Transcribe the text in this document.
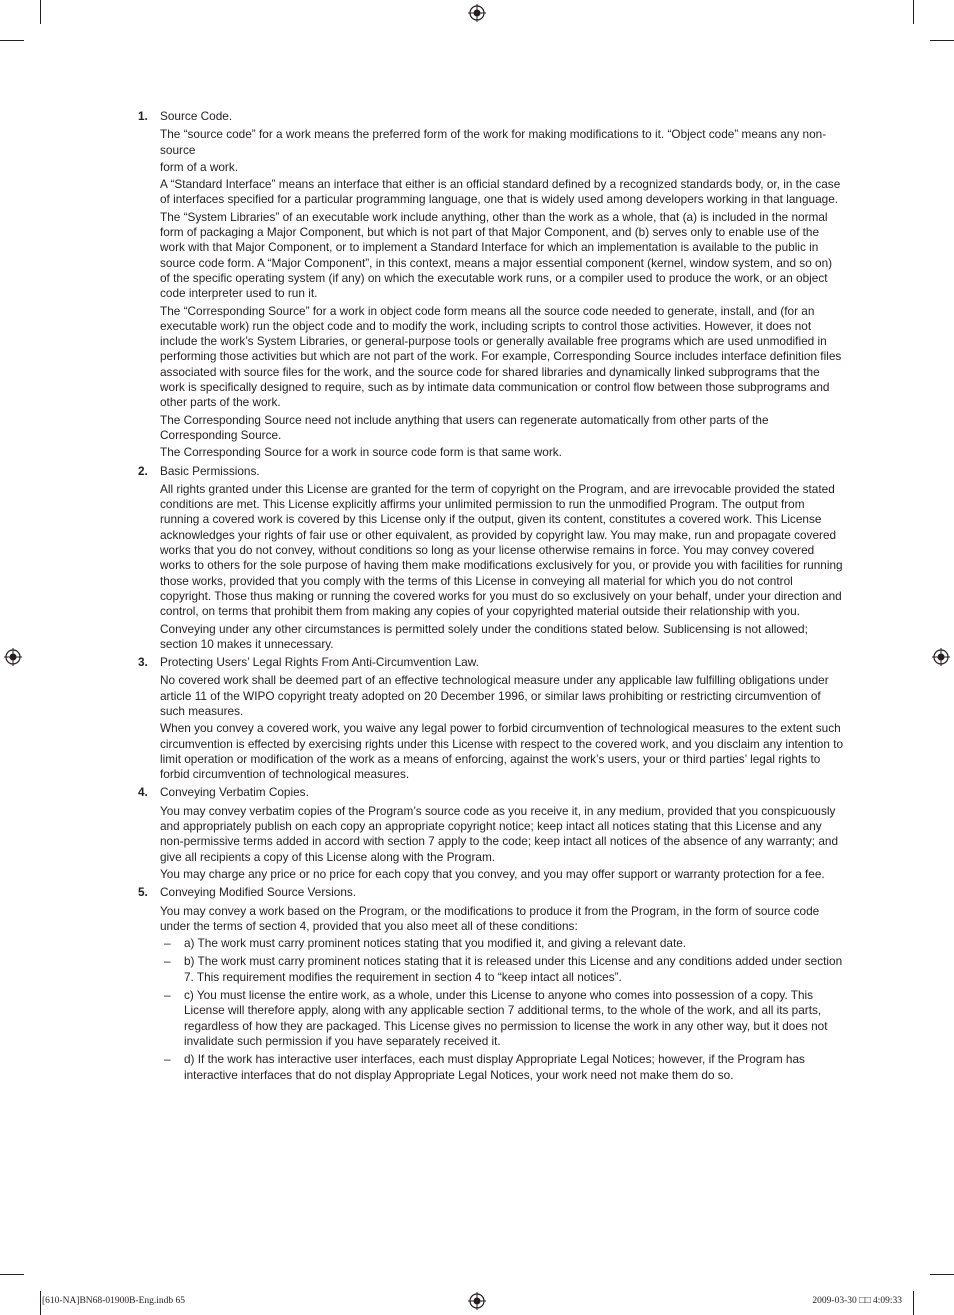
1. Source Code.

The “source code” for a work means the preferred form of the work for making modifications to it. “Object code” means any non-source

form of a work.

A “Standard Interface” means an interface that either is an official standard defined by a recognized standards body, or, in the case of interfaces specified for a particular programming language, one that is widely used among developers working in that language.

The “System Libraries” of an executable work include anything, other than the work as a whole, that (a) is included in the normal form of packaging a Major Component, but which is not part of that Major Component, and (b) serves only to enable use of the work with that Major Component, or to implement a Standard Interface for which an implementation is available to the public in source code form. A “Major Component”, in this context, means a major essential component (kernel, window system, and so on) of the specific operating system (if any) on which the executable work runs, or a compiler used to produce the work, or an object code interpreter used to run it.

The “Corresponding Source” for a work in object code form means all the source code needed to generate, install, and (for an executable work) run the object code and to modify the work, including scripts to control those activities. However, it does not include the work’s System Libraries, or general-purpose tools or generally available free programs which are used unmodified in performing those activities but which are not part of the work. For example, Corresponding Source includes interface definition files associated with source files for the work, and the source code for shared libraries and dynamically linked subprograms that the work is specifically designed to require, such as by intimate data communication or control flow between those subprograms and other parts of the work.

The Corresponding Source need not include anything that users can regenerate automatically from other parts of the Corresponding Source.

The Corresponding Source for a work in source code form is that same work.

2. Basic Permissions.

All rights granted under this License are granted for the term of copyright on the Program, and are irrevocable provided the stated conditions are met. This License explicitly affirms your unlimited permission to run the unmodified Program. The output from running a covered work is covered by this License only if the output, given its content, constitutes a covered work. This License acknowledges your rights of fair use or other equivalent, as provided by copyright law. You may make, run and propagate covered works that you do not convey, without conditions so long as your license otherwise remains in force. You may convey covered works to others for the sole purpose of having them make modifications exclusively for you, or provide you with facilities for running those works, provided that you comply with the terms of this License in conveying all material for which you do not control copyright. Those thus making or running the covered works for you must do so exclusively on your behalf, under your direction and control, on terms that prohibit them from making any copies of your copyrighted material outside their relationship with you.

Conveying under any other circumstances is permitted solely under the conditions stated below. Sublicensing is not allowed; section 10 makes it unnecessary.

3. Protecting Users’ Legal Rights From Anti-Circumvention Law.

No covered work shall be deemed part of an effective technological measure under any applicable law fulfilling obligations under article 11 of the WIPO copyright treaty adopted on 20 December 1996, or similar laws prohibiting or restricting circumvention of such measures.

When you convey a covered work, you waive any legal power to forbid circumvention of technological measures to the extent such circumvention is effected by exercising rights under this License with respect to the covered work, and you disclaim any intention to limit operation or modification of the work as a means of enforcing, against the work’s users, your or third parties’ legal rights to forbid circumvention of technological measures.

4. Conveying Verbatim Copies.

You may convey verbatim copies of the Program’s source code as you receive it, in any medium, provided that you conspicuously and appropriately publish on each copy an appropriate copyright notice; keep intact all notices stating that this License and any non-permissive terms added in accord with section 7 apply to the code; keep intact all notices of the absence of any warranty; and give all recipients a copy of this License along with the Program.

You may charge any price or no price for each copy that you convey, and you may offer support or warranty protection for a fee.

5. Conveying Modified Source Versions.

You may convey a work based on the Program, or the modifications to produce it from the Program, in the form of source code under the terms of section 4, provided that you also meet all of these conditions:

– a) The work must carry prominent notices stating that you modified it, and giving a relevant date.

– b) The work must carry prominent notices stating that it is released under this License and any conditions added under section 7. This requirement modifies the requirement in section 4 to “keep intact all notices”.

– c) You must license the entire work, as a whole, under this License to anyone who comes into possession of a copy. This License will therefore apply, along with any applicable section 7 additional terms, to the whole of the work, and all its parts, regardless of how they are packaged. This License gives no permission to license the work in any other way, but it does not invalidate such permission if you have separately received it.

– d) If the work has interactive user interfaces, each must display Appropriate Legal Notices; however, if the Program has interactive interfaces that do not display Appropriate Legal Notices, your work need not make them do so.

[610-NA]BN68-01900B-Eng.indb 65	2009-03-30 □□ 4:09:33
